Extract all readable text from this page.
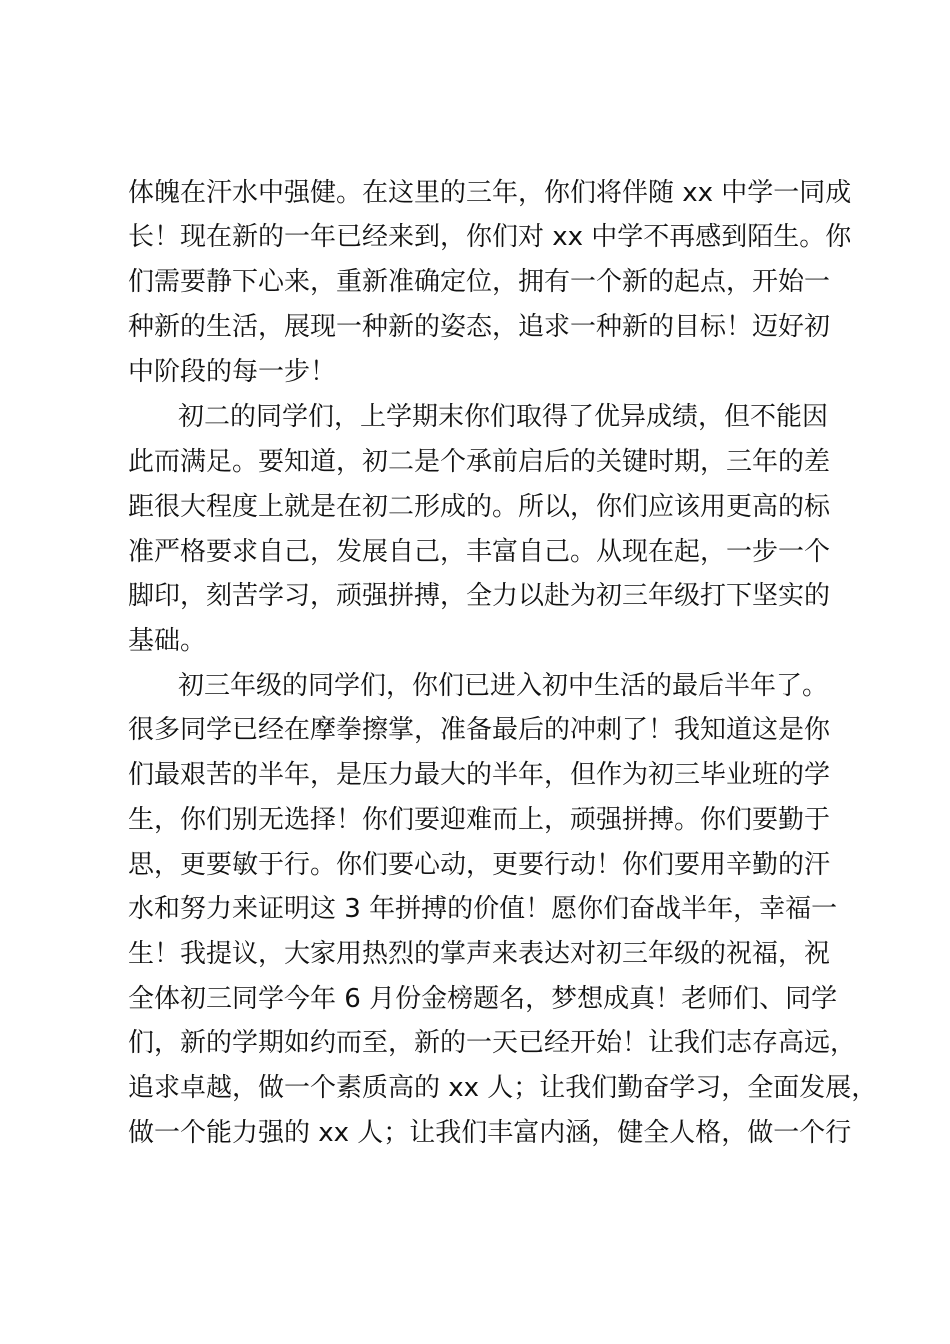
体魄在汗水中强健。在这里的三年，你们将伴随 xx 中学一同成
长！现在新的一年已经来到，你们对 xx 中学不再感到陌生。你
们需要静下心来，重新准确定位，拥有一个新的起点，开始一
种新的生活，展现一种新的姿态，追求一种新的目标！迈好初
中阶段的每一步！
初二的同学们，上学期末你们取得了优异成绩，但不能因
此而满足。要知道，初二是个承前启后的关键时期，三年的差
距很大程度上就是在初二形成的。所以，你们应该用更高的标
准严格要求自己，发展自己，丰富自己。从现在起，一步一个
脚印，刻苦学习，顽强拼搏，全力以赴为初三年级打下坚实的
基础。
初三年级的同学们，你们已进入初中生活的最后半年了。
很多同学已经在摩拳擦掌，准备最后的冲刺了！我知道这是你
们最艰苦的半年，是压力最大的半年，但作为初三毕业班的学
生，你们别无选择！你们要迎难而上，顽强拼搏。你们要勤于
思，更要敏于行。你们要心动，更要行动！你们要用辛勤的汗
水和努力来证明这 3 年拼搏的价值！愿你们奋战半年，幸福一
生！我提议，大家用热烈的掌声来表达对初三年级的祝福，祝
全体初三同学今年 6 月份金榜题名，梦想成真！老师们、同学
们，新的学期如约而至，新的一天已经开始！让我们志存高远，
追求卓越，做一个素质高的 xx 人；让我们勤奋学习，全面发展，
做一个能力强的 xx 人；让我们丰富内涵，健全人格，做一个行
